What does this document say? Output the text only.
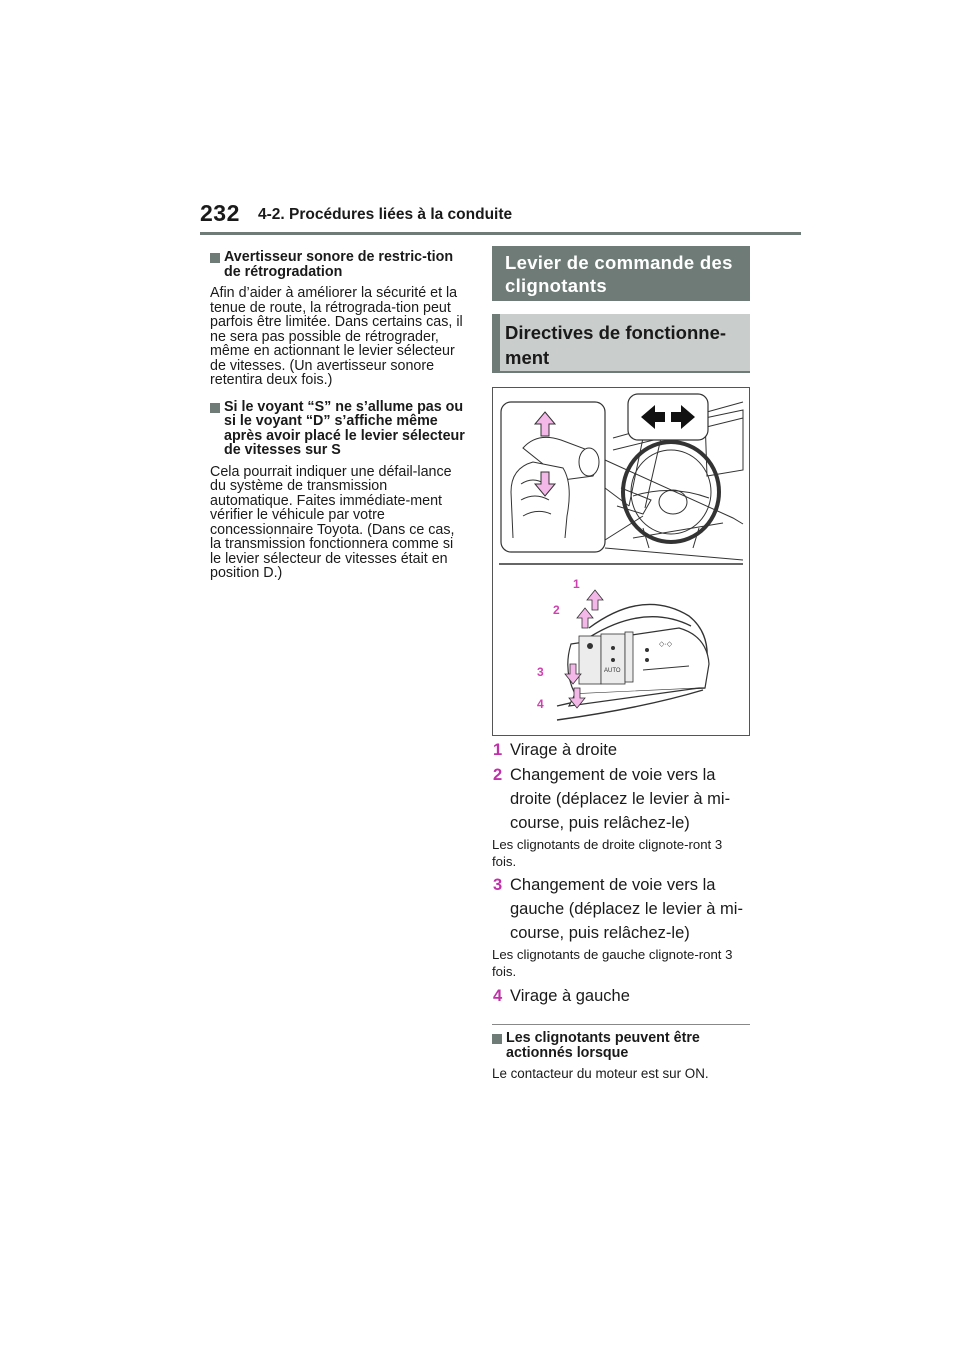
232 4-2. Procédures liées à la conduite
Avertisseur sonore de restric-tion de rétrogradation

Afin d’aider à améliorer la sécurité et la tenue de route, la rétrograda-tion peut parfois être limitée. Dans certains cas, il ne sera pas possible de rétrograder, même en actionnant le levier sélecteur de vitesses. (Un avertisseur sonore retentira deux fois.)

Si le voyant “S” ne s’allume pas ou si le voyant “D” s’affiche même après avoir placé le levier sélecteur de vitesses sur S

Cela pourrait indiquer une défail-lance du système de transmission automatique. Faites immédiate-ment vérifier le véhicule par votre concessionnaire Toyota. (Dans ce cas, la transmission fonctionnera comme si le levier sélecteur de vitesses était en position D.)

Levier de commande des clignotants
Directives de fonctionne-ment
AUTO
◇·◇
1
2
3
4
1 Virage à droite
2 Changement de voie vers la droite (déplacez le levier à mi-course, puis relâchez-le)
Les clignotants de droite clignote-ront 3 fois.
3 Changement de voie vers la gauche (déplacez le levier à mi-course, puis relâchez-le)
Les clignotants de gauche clignote-ront 3 fois.
4 Virage à gauche
Les clignotants peuvent être actionnés lorsque

Le contacteur du moteur est sur ON.
